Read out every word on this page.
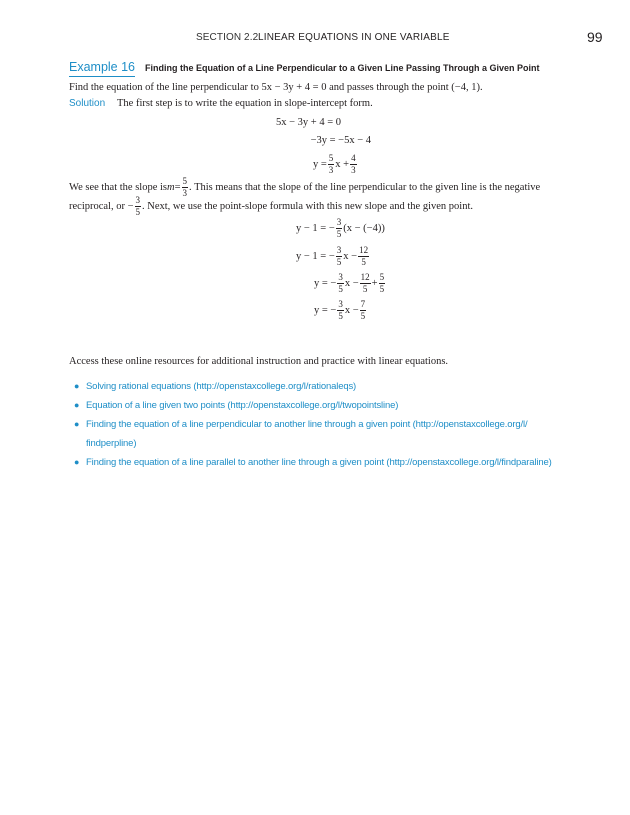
SECTION 2.2 LINEAR EQUATIONS IN ONE VARIABLE	99
Example 16 Finding the Equation of a Line Perpendicular to a Given Line Passing Through a Given Point
Find the equation of the line perpendicular to 5x − 3y + 4 = 0 and passes through the point (−4, 1).
Solution The first step is to write the equation in slope-intercept form.
5x − 3y + 4 = 0
−3y = −5x − 4
$y = \frac{5}{3}$ $x + \frac{4}{3}$
We see that the slope is $m = \frac{5}{3}$ . This means that the slope of the line perpendicular to the given line is the negative
reciprocal, or − $\frac{3}{5}$ . Next, we use the point-slope formula with this new slope and the given point.
y − 1 = − $\frac{3}{5} (x - (-4))$
y − 1 = − $\frac{3}{5}$ $x - \frac{12}{5}$
y = − $\frac{3}{5}$ $x - \frac{12}{5} + \frac{5}{5}$
y = − $\frac{3}{5}$ $x - \frac{7}{5}$
Access these online resources for additional instruction and practice with linear equations.
● Solving rational equations (http://openstaxcollege.org/l/rationaleqs)
● Equation of a line given two points (http://openstaxcollege.org/l/twopointsline)
● Finding the equation of a line perpendicular to another line through a given point (http://openstaxcollege.org/l/
findperpline)
● Finding the equation of a line parallel to another line through a given point (http://openstaxcollege.org/l/findparaline)
